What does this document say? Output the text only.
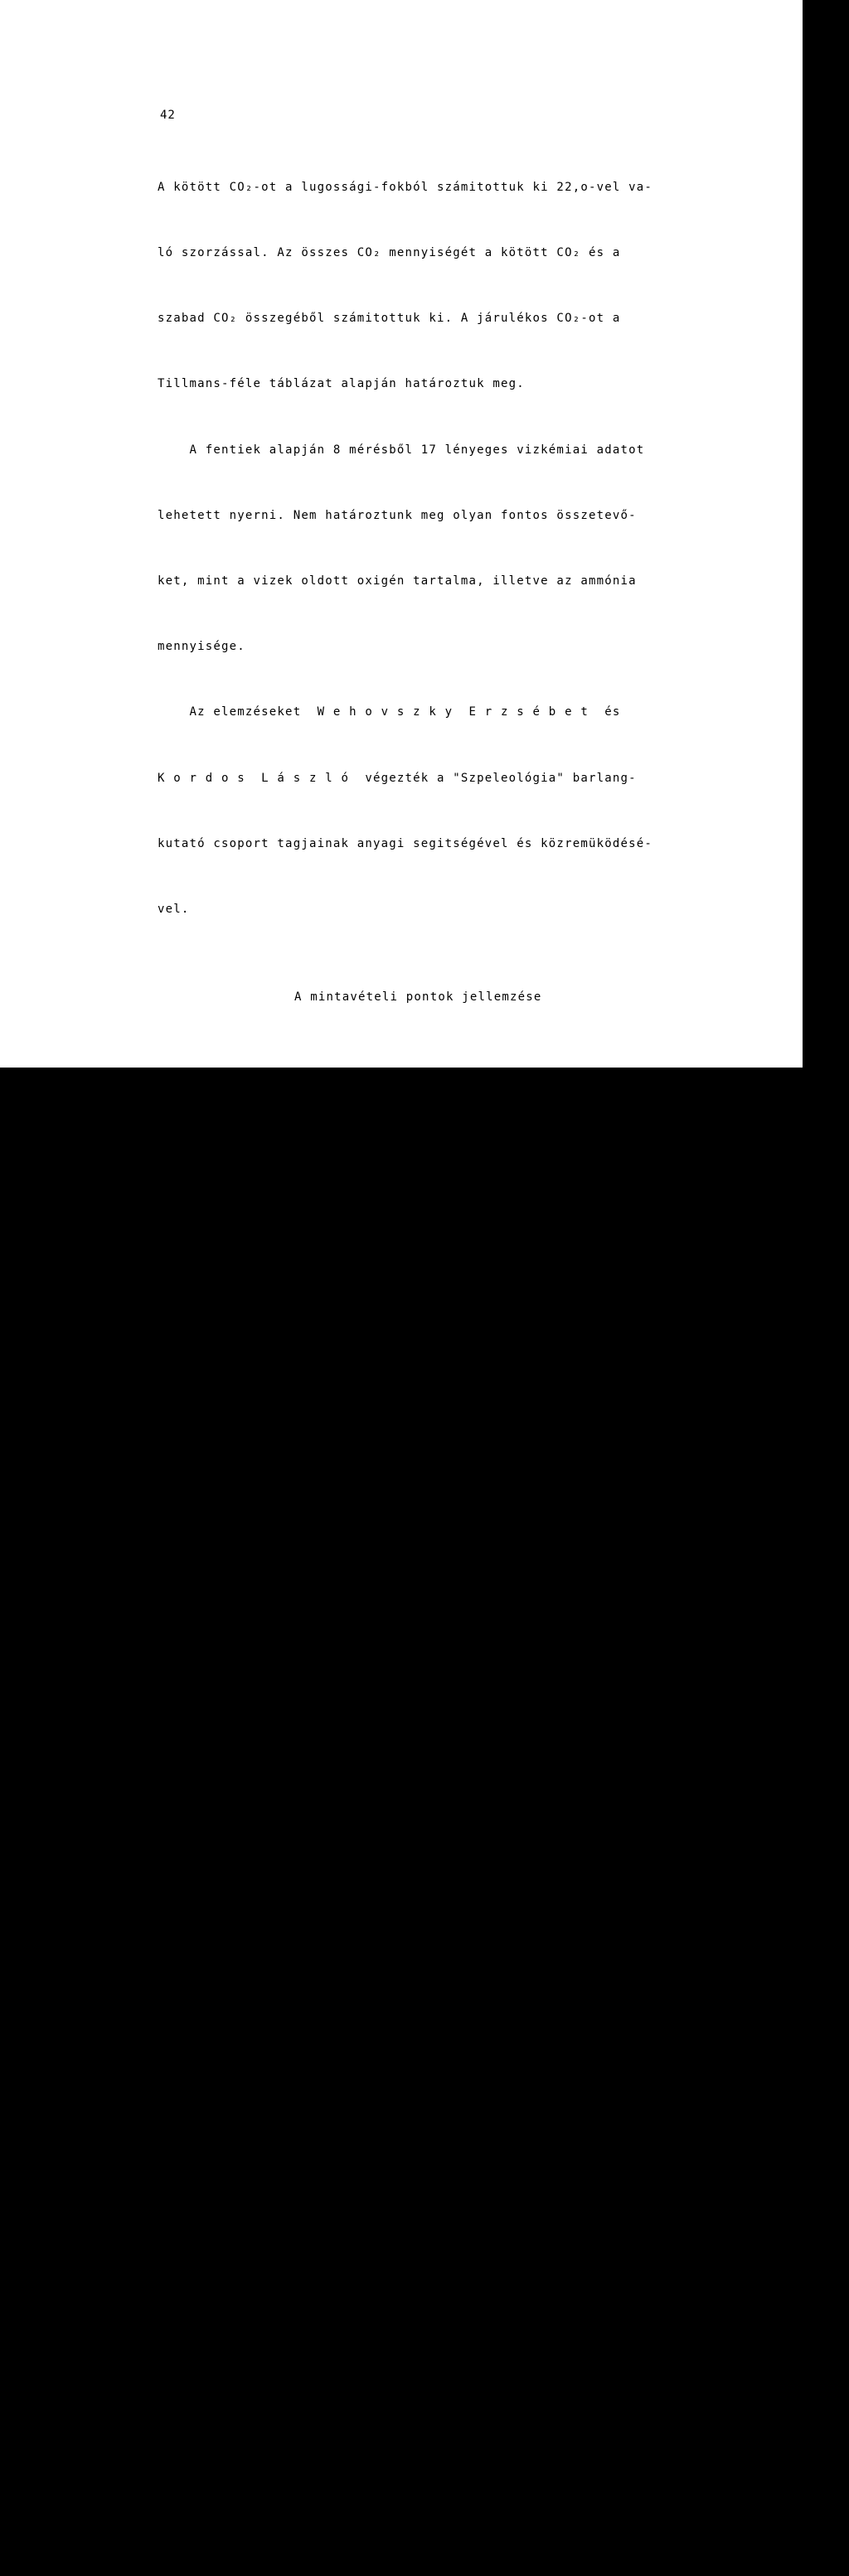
42

A kötött CO₂-ot a lugossági-fokból számitottuk ki 22,o-vel va-

ló szorzással. Az összes CO₂ mennyiségét a kötött CO₂ és a

szabad CO₂ összegéből számitottuk ki. A járulékos CO₂-ot a

Tillmans-féle táblázat alapján határoztuk meg.

A fentiek alapján 8 mérésből 17 lényeges vizkémiai adatot

lehetett nyerni. Nem határoztunk meg olyan fontos összetevő-

ket, mint a vizek oldott oxigén tartalma, illetve az ammónia

mennyisége.

Az elemzéseket  W e h o v s z k y  E r z s é b e t  és

K o r d o s  L á s z l ó  végezték a "Szpeleológia" barlang-

kutató csoport tagjainak anyagi segitségével és közremüködésé-

vel.

A mintavételi pontok jellemzése

C z á j l i k  I.  és  F e j é r d y  I. /4/ által ajánlott

környezeti faktorokat figyelembe véve az alábbiakban jellemez-

zük a vizsgált barlangokat és a mintavételi helyeket:

A Kevély-nyergi-zsomboly a kevélynyergi turistaháztól K-re

5oo méterre, ligetes lomberdőben nyilik 396 m.t.sz.f. magas-

ságban /1.ábra/. Az alapkőzetet 3o-6o cm vastag barna erdei

talaj fedi, amely néhol baritos hárshegyi homokkő törmeléket

tartalmaz. A zsomboly teljes egészében  a felső triász dachs-

teini mészkőben keletkezett valószinüleg hévizes uton.  A bar-

lang vastag /4-6 m/ agyagos kitöltésében kimutatható a fel-

szinről már lepusztult kiscelli-agyag /Szenthe I. /21/ . A

zsomboly alsó szakaszának átlaghőmérséklete 9,5 °C. S z a b-

l y á r  P. és  H a a s  J.  /1o, 18/ müszeres beszivárgás

vizsgálatokat kezdtek, de a beépitett müszereket idegenek ha-

marosan tönkretették. Többéves tapasztalat alapján megálla-

pitható volt, hogy napokig tartó esőzés után és hóolvadás e-

setén az inaktiv cseppkövek aktivakká válnak, az agyagos ki-

töltés felső 2o-3o cm-es része vizzel telitődik és igen hig

lesz. Ez az állapot 2-3 hetes viszonylag csapadékmentes idő-

szakban megszünik, a viz elszivárog.

Az egyes mérési pontok helyét a 2. ábra tartalmazza. A

Nagyterem tócsája a tágas terem agyagos mélyedésében gyült
